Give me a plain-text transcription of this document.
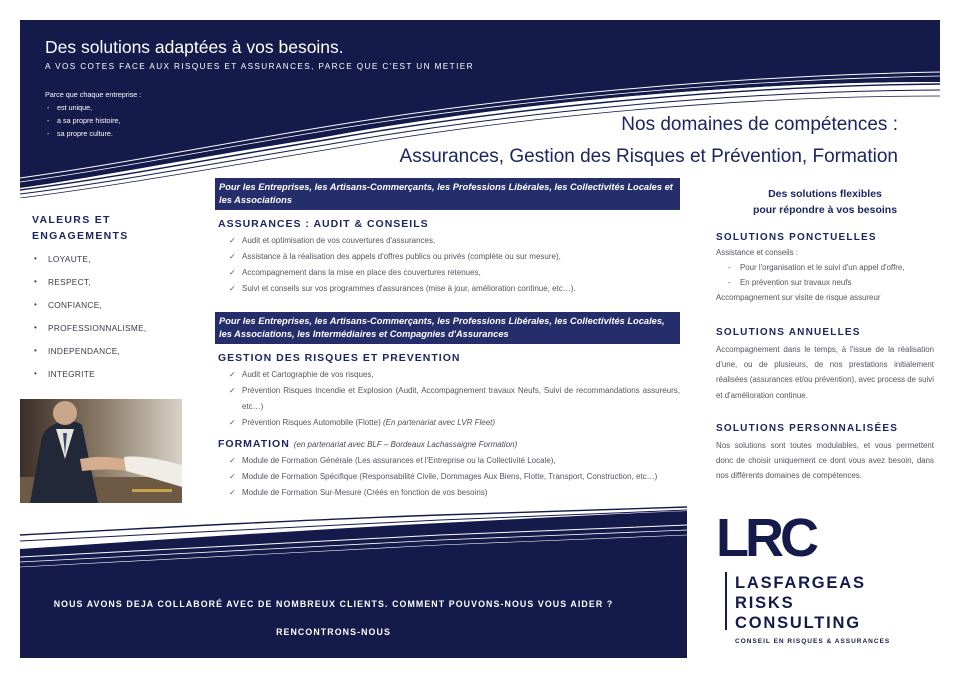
Des solutions adaptées à vos besoins.
A VOS COTES FACE AUX RISQUES ET ASSURANCES, PARCE QUE C'EST UN METIER
Parce que chaque entreprise :
- est unique,
- a sa propre histoire,
- sa propre culture.	Nos domaines de compétences :
Assurances, Gestion des Risques et Prévention, Formation
VALEURS ET ENGAGEMENTS
• LOYAUTE,
• RESPECT,
• CONFIANCE,
• PROFESSIONNALISME,
• INDEPENDANCE,
• INTEGRITE
Pour les Entreprises, les Artisans-Commerçants, les Professions Libérales, les Collectivités Locales et les Associations
ASSURANCES : AUDIT & CONSEILS
✓ Audit et optimisation de vos couvertures d'assurances,
✓ Assistance à la réalisation des appels d'offres publics ou privés (complète ou sur mesure),
✓ Accompagnement dans la mise en place des couvertures retenues,
✓ Suivi et conseils sur vos programmes d'assurances (mise à jour, amélioration continue, etc…).
Pour les Entreprises, les Artisans-Commerçants, les Professions Libérales, les Collectivités Locales, les Associations, les Intermédiaires et Compagnies d'Assurances
GESTION DES RISQUES ET PREVENTION
✓ Audit et Cartographie de vos risques,
✓ Prévention Risques Incendie et Explosion (Audit, Accompagnement travaux Neufs, Suivi de recommandations assureurs, etc…)
✓ Prévention Risques Automobile (Flotte) (En partenariat avec LVR Fleet)
FORMATION (en partenariat avec BLF – Bordeaux Lachassaigne Formation)
✓ Module de Formation Générale (Les assurances et l'Entreprise ou la Collectivité Locale),
✓ Module de Formation Spécifique (Responsabilité Civile, Dommages Aux Biens, Flotte, Transport, Construction, etc…)
✓ Module de Formation Sur-Mesure (Créés en fonction de vos besoins)
Des solutions flexibles
pour répondre à vos besoins
SOLUTIONS PONCTUELLES
Assistance et conseils :
- Pour l'organisation et le suivi d'un appel d'offre,
- En prévention sur travaux neufs
Accompagnement sur visite de risque assureur
SOLUTIONS ANNUELLES
Accompagnement dans le temps, à l'issue de la réalisation d'une, ou de plusieurs, de nos prestations initialement réalisées (assurances et/ou prévention), avec process de suivi et d'amélioration continue.
SOLUTIONS PERSONNALISÉES
Nos solutions sont toutes modulables, et vous permettent donc de choisir uniquement ce dont vous avez besoin, dans nos différents domaines de compétences.
NOUS AVONS DEJA COLLABORÉ AVEC DE NOMBREUX CLIENTS. COMMENT POUVONS-NOUS VOUS AIDER ?
RENCONTRONS-NOUS
LRC
LASFARGEAS
RISKS
CONSULTING
CONSEIL EN RISQUES & ASSURANCES
